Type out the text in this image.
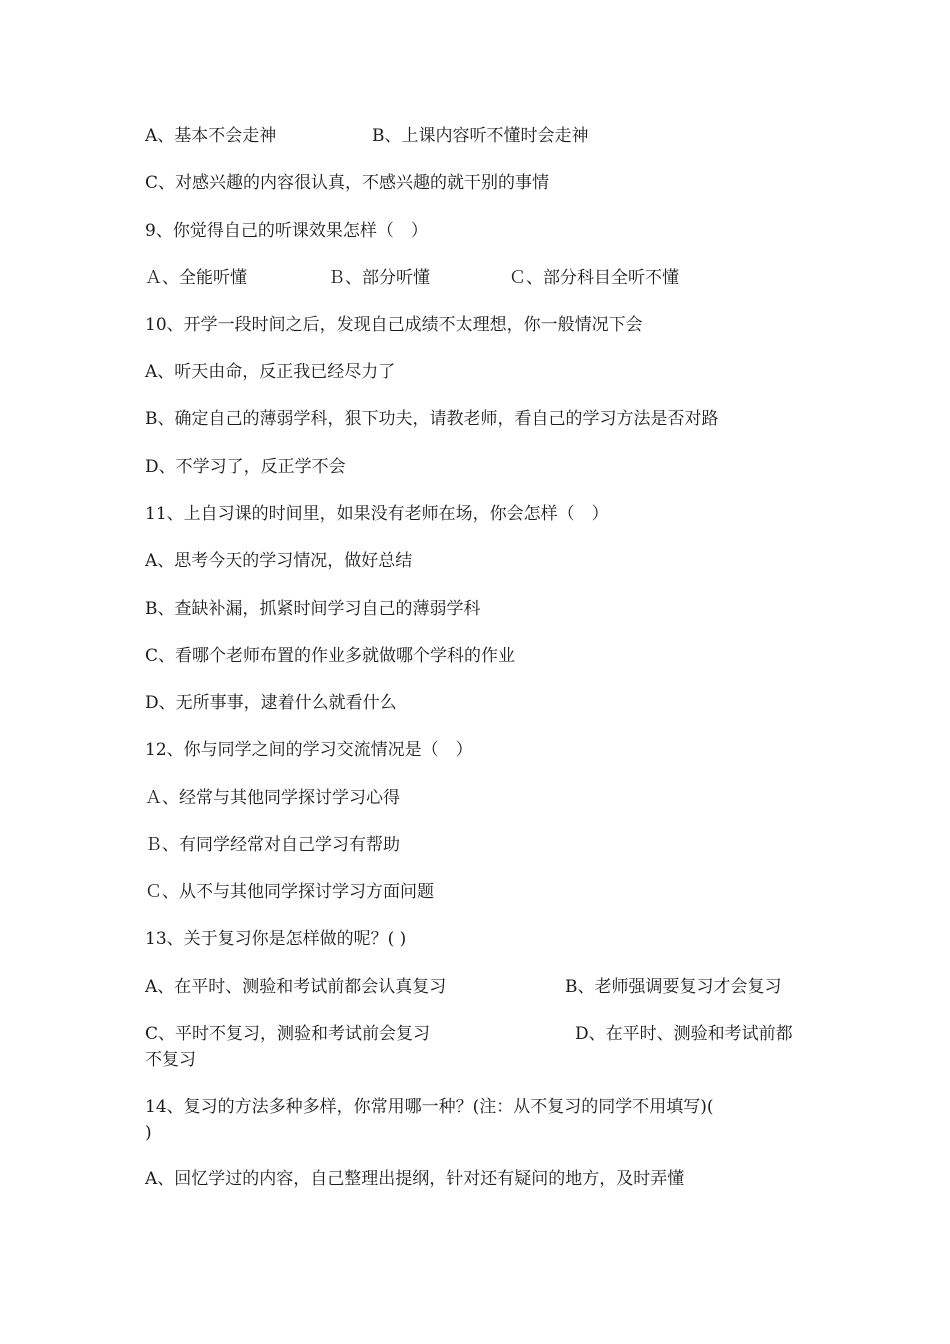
A、基本不会走神	B、上课内容听不懂时会走神
C、对感兴趣的内容很认真，不感兴趣的就干别的事情
9、你觉得自己的听课效果怎样（　）
Ａ、全能听懂	Ｂ、部分听懂	Ｃ、部分科目全听不懂
10、开学一段时间之后，发现自己成绩不太理想，你一般情况下会
A、听天由命，反正我已经尽力了
B、确定自己的薄弱学科，狠下功夫，请教老师，看自己的学习方法是否对路
D、不学习了，反正学不会
11、上自习课的时间里，如果没有老师在场，你会怎样（　）
A、思考今天的学习情况，做好总结
B、查缺补漏，抓紧时间学习自己的薄弱学科
C、看哪个老师布置的作业多就做哪个学科的作业
D、无所事事，逮着什么就看什么
12、你与同学之间的学习交流情况是（　）
Ａ、经常与其他同学探讨学习心得
Ｂ、有同学经常对自己学习有帮助
Ｃ、从不与其他同学探讨学习方面问题
13、关于复习你是怎样做的呢？( )
A、在平时、测验和考试前都会认真复习	B、老师强调要复习才会复习
C、平时不复习，测验和考试前会复习	D、在平时、测验和考试前都
不复习
14、复习的方法多种多样，你常用哪一种？(注：从不复习的同学不用填写)(
)
A、回忆学过的内容，自己整理出提纲，针对还有疑问的地方，及时弄懂
